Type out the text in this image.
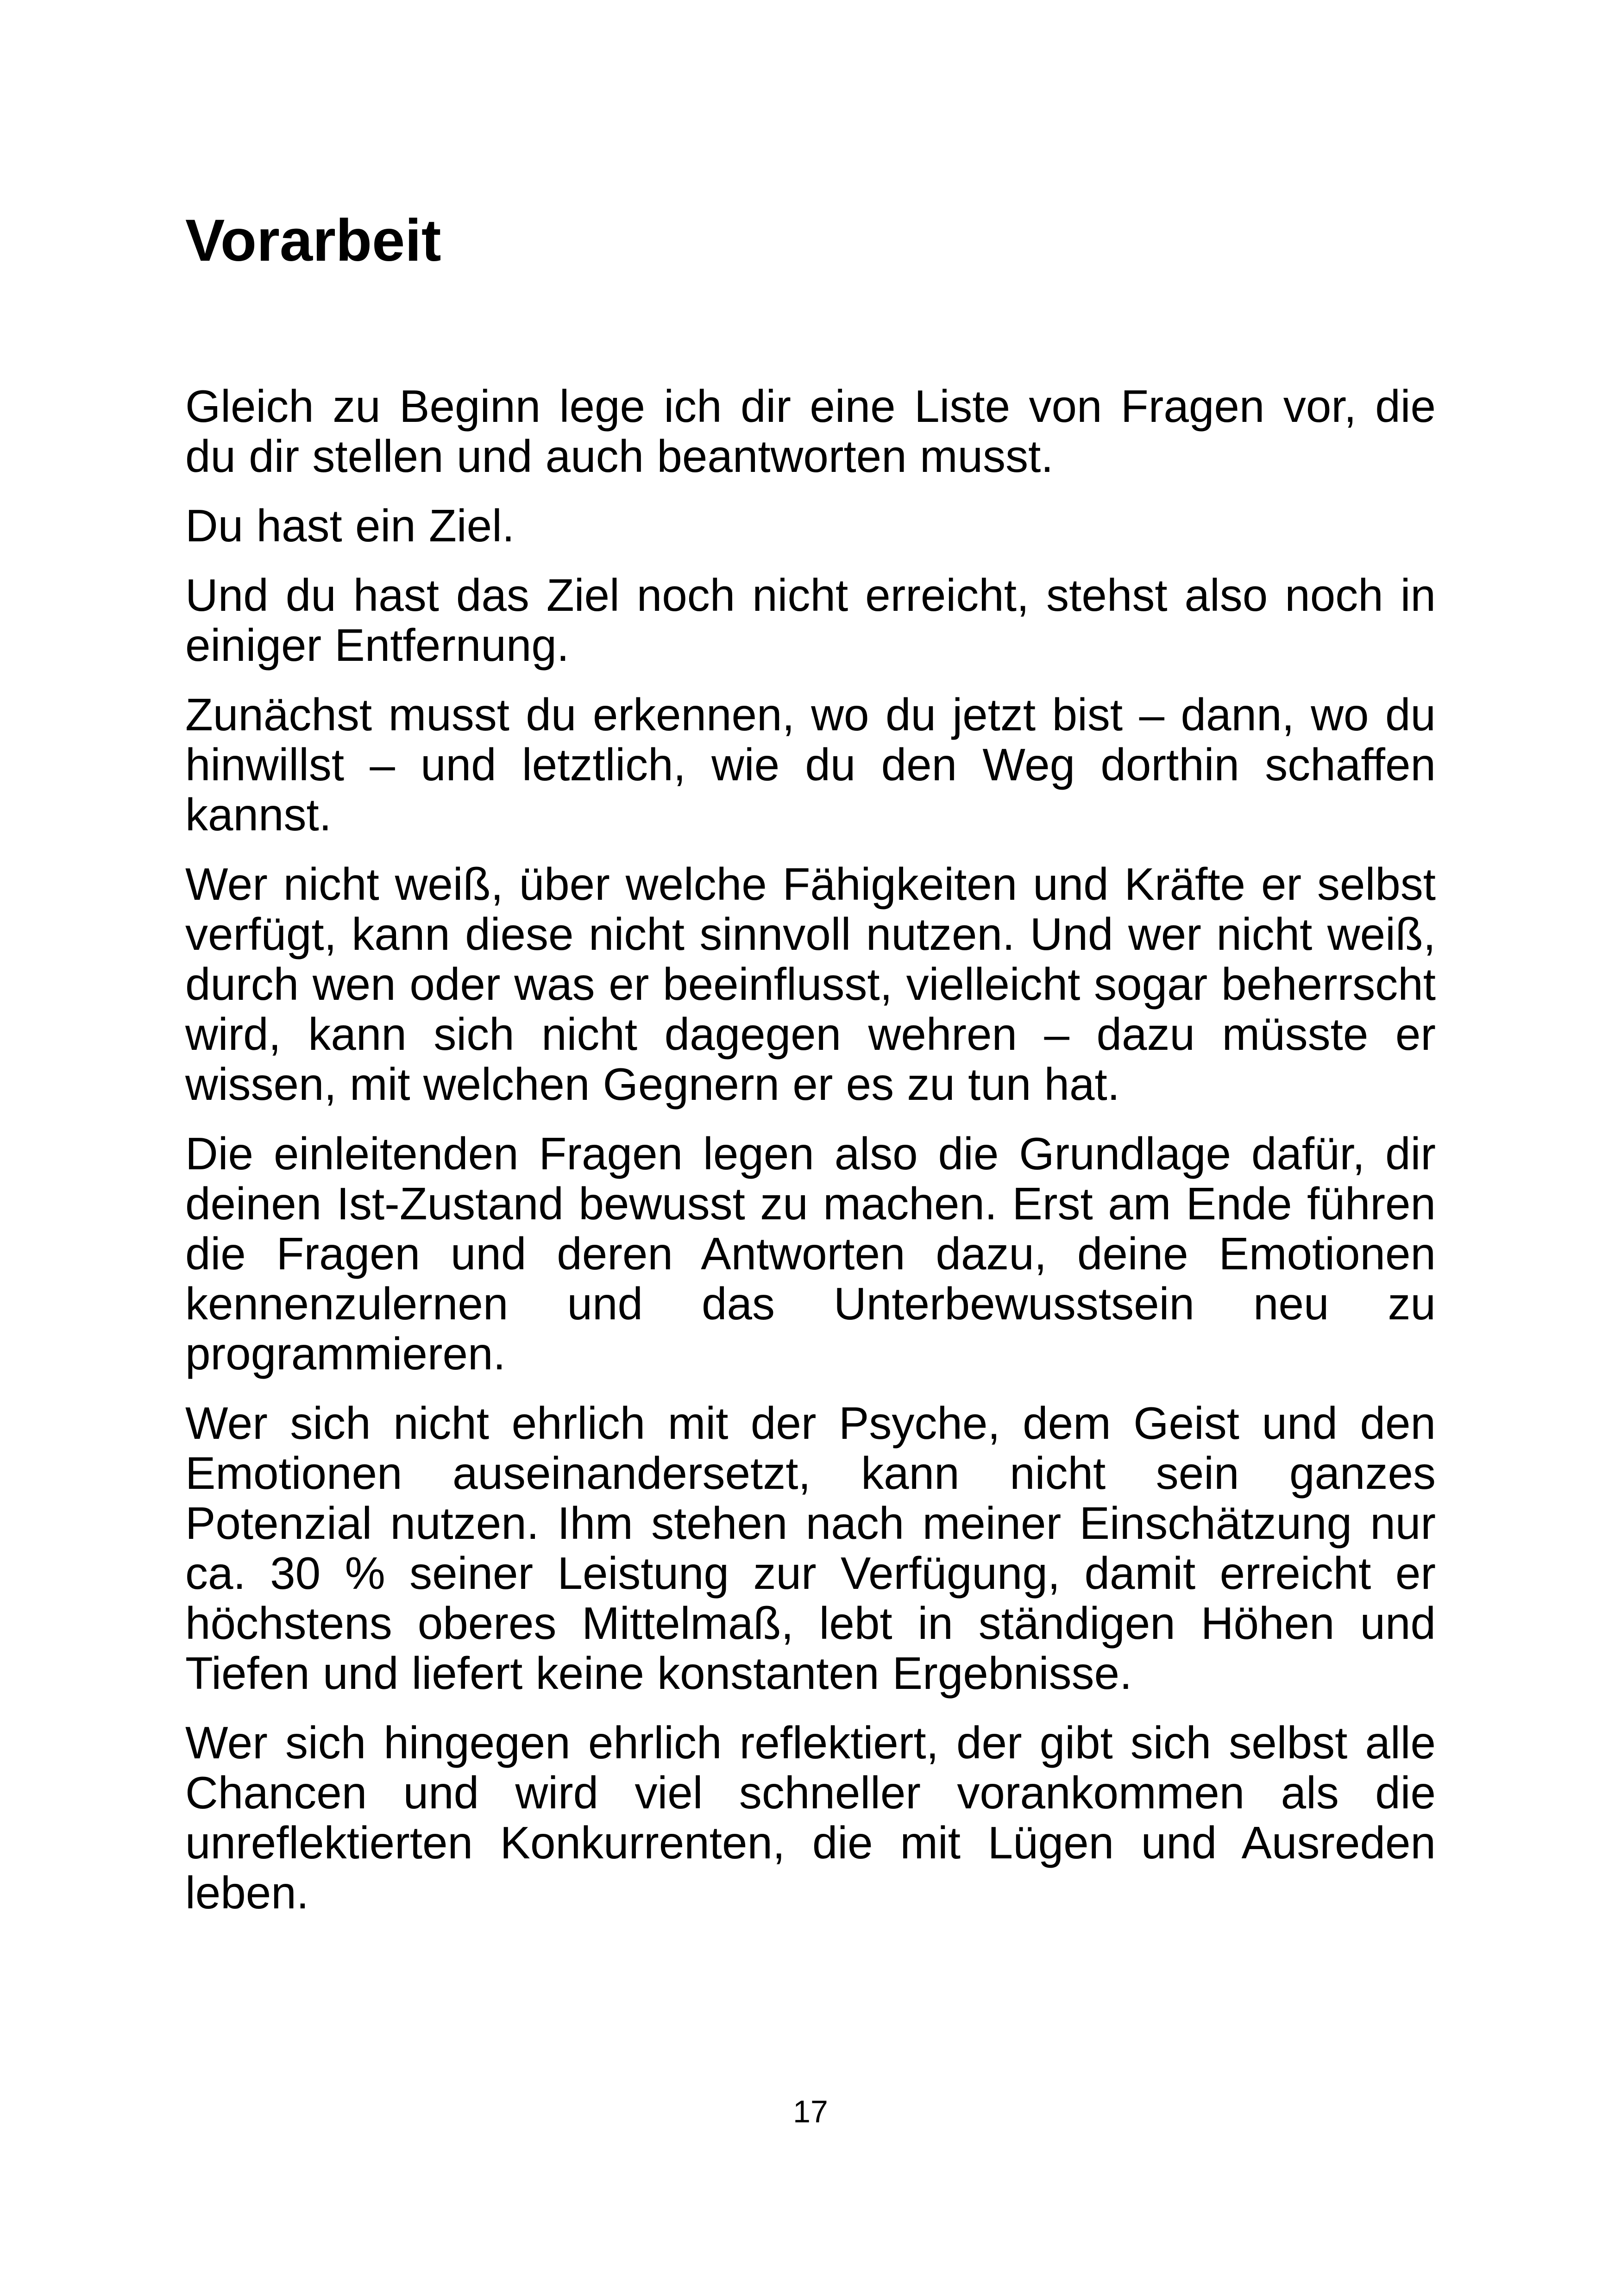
Vorarbeit

Gleich zu Beginn lege ich dir eine Liste von Fragen vor, die du dir stellen und auch beantworten musst.

Du hast ein Ziel.

Und du hast das Ziel noch nicht erreicht, stehst also noch in einiger Entfernung.

Zunächst musst du erkennen, wo du jetzt bist – dann, wo du hinwillst – und letztlich, wie du den Weg dorthin schaffen kannst.

Wer nicht weiß, über welche Fähigkeiten und Kräfte er selbst verfügt, kann diese nicht sinnvoll nutzen. Und wer nicht weiß, durch wen oder was er beeinflusst, vielleicht sogar beherrscht wird, kann sich nicht dagegen wehren – dazu müsste er wissen, mit welchen Gegnern er es zu tun hat.

Die einleitenden Fragen legen also die Grundlage dafür, dir deinen Ist-Zustand bewusst zu machen. Erst am Ende führen die Fragen und deren Antworten dazu, deine Emotionen kennenzulernen und das Unterbewusstsein neu zu programmieren.

Wer sich nicht ehrlich mit der Psyche, dem Geist und den Emotionen auseinandersetzt, kann nicht sein ganzes Potenzial nutzen. Ihm stehen nach meiner Einschätzung nur ca. 30 % seiner Leistung zur Verfügung, damit erreicht er höchstens oberes Mittelmaß, lebt in ständigen Höhen und Tiefen und liefert keine konstanten Ergebnisse.

Wer sich hingegen ehrlich reflektiert, der gibt sich selbst alle Chancen und wird viel schneller vorankommen als die unreflektierten Konkurrenten, die mit Lügen und Ausreden leben.

17
